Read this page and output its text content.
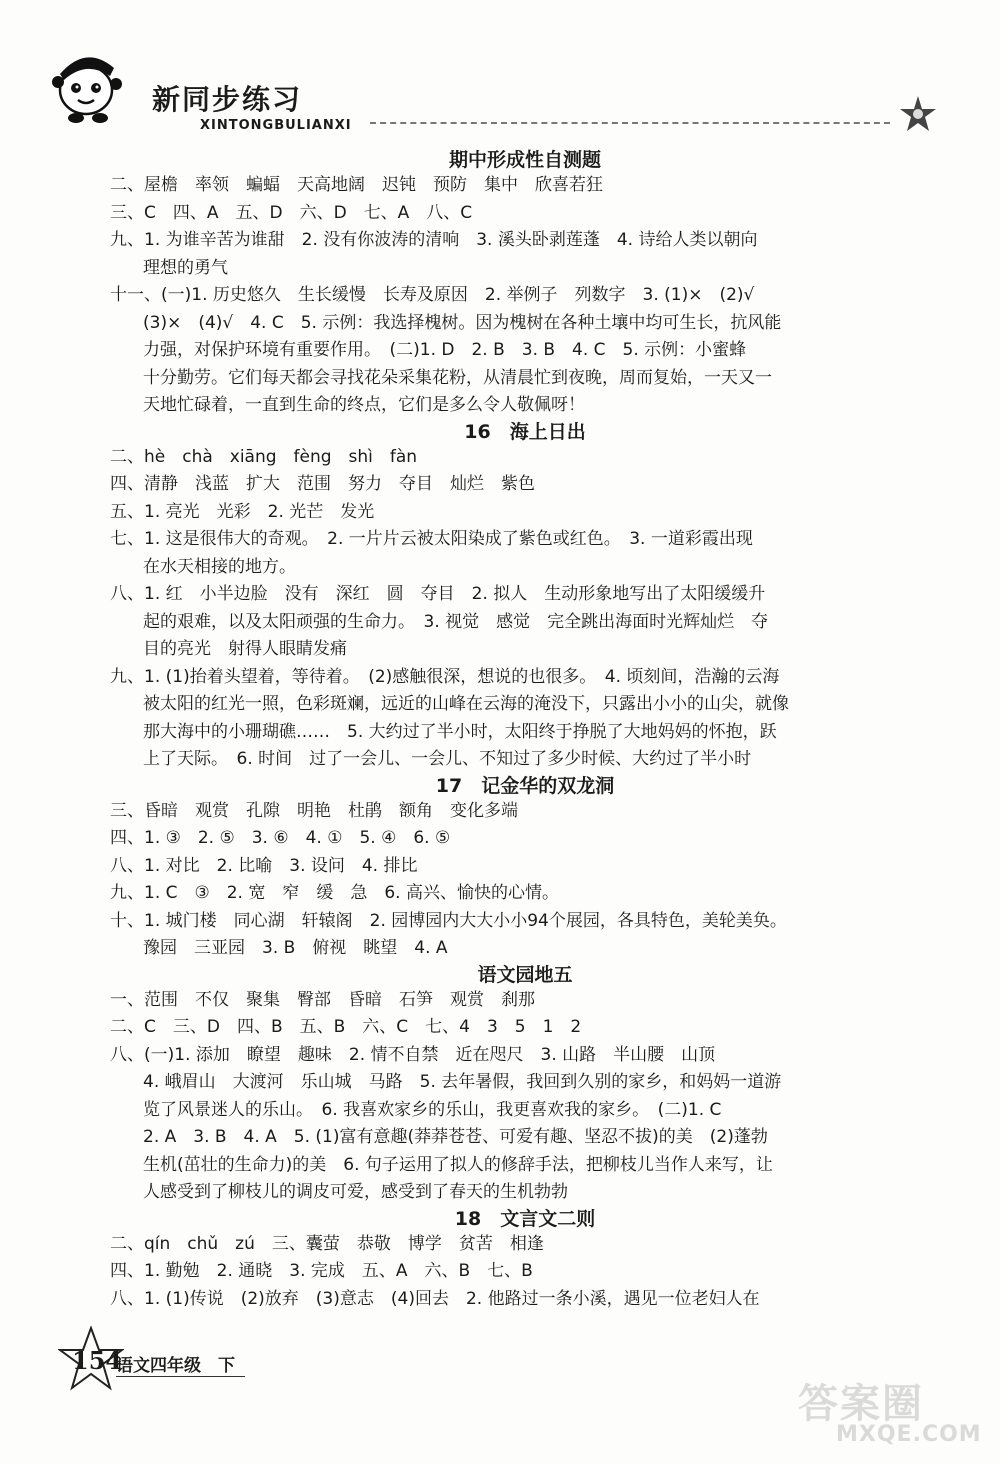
新同步练习
XINTONGBULIANXI
期中形成性自测题
二、屋檐　率领　蝙蝠　天高地阔　迟钝　预防　集中　欣喜若狂
三、C　四、A　五、D　六、D　七、A　八、C
九、1. 为谁辛苦为谁甜　2. 没有你波涛的清响　3. 溪头卧剥莲蓬　4. 诗给人类以朝向
理想的勇气
十一、(一)1. 历史悠久　生长缓慢　长寿及原因　2. 举例子　列数字　3. (1)×　(2)√
(3)×　(4)√　4. C　5. 示例：我选择槐树。因为槐树在各种土壤中均可生长，抗风能
力强，对保护环境有重要作用。　(二)1. D　2. B　3. B　4. C　5. 示例：小蜜蜂
十分勤劳。它们每天都会寻找花朵采集花粉，从清晨忙到夜晚，周而复始，一天又一
天地忙碌着，一直到生命的终点，它们是多么令人敬佩呀！
16　海上日出
二、hè　chà　xiāng　fèng　shì　fàn
四、清静　浅蓝　扩大　范围　努力　夺目　灿烂　紫色
五、1. 亮光　光彩　2. 光芒　发光
七、1. 这是很伟大的奇观。　2. 一片片云被太阳染成了紫色或红色。　3. 一道彩霞出现
在水天相接的地方。
八、1. 红　小半边脸　没有　深红　圆　夺目　2. 拟人　生动形象地写出了太阳缓缓升
起的艰难，以及太阳顽强的生命力。　3. 视觉　感觉　完全跳出海面时光辉灿烂　夺
目的亮光　射得人眼睛发痛
九、1. (1)抬着头望着，等待着。　(2)感触很深，想说的也很多。　4. 顷刻间，浩瀚的云海
被太阳的红光一照，色彩斑斓，远近的山峰在云海的淹没下，只露出小小的山尖，就像
那大海中的小珊瑚礁……　5. 大约过了半小时，太阳终于挣脱了大地妈妈的怀抱，跃
上了天际。　6. 时间　过了一会儿、一会儿、不知过了多少时候、大约过了半小时
17　记金华的双龙洞
三、昏暗　观赏　孔隙　明艳　杜鹃　额角　变化多端
四、1. ③　2. ⑤　3. ⑥　4. ①　5. ④　6. ⑤
八、1. 对比　2. 比喻　3. 设问　4. 排比
九、1. C　③　2. 宽　窄　缓　急　6. 高兴、愉快的心情。
十、1. 城门楼　同心湖　轩辕阁　2. 园博园内大大小小94个展园，各具特色，美轮美奂。
豫园　三亚园　3. B　俯视　眺望　4. A
语文园地五
一、范围　不仅　聚集　臀部　昏暗　石笋　观赏　刹那
二、C　三、D　四、B　五、B　六、C　七、4　3　5　1　2
八、(一)1. 添加　瞭望　趣味　2. 情不自禁　近在咫尺　3. 山路　半山腰　山顶
4. 峨眉山　大渡河　乐山城　马路　5. 去年暑假，我回到久别的家乡，和妈妈一道游
览了风景迷人的乐山。　6. 我喜欢家乡的乐山，我更喜欢我的家乡。　(二)1. C
2. A　3. B　4. A　5. (1)富有意趣(莽莽苍苍、可爱有趣、坚忍不拔)的美　(2)蓬勃
生机(茁壮的生命力)的美　6. 句子运用了拟人的修辞手法，把柳枝儿当作人来写，让
人感受到了柳枝儿的调皮可爱，感受到了春天的生机勃勃
18　文言文二则
二、qín　chǔ　zú　三、囊萤　恭敬　博学　贫苦　相逢
四、1. 勤勉　2. 通晓　3. 完成　五、A　六、B　七、B
八、1. (1)传说　(2)放弃　(3)意志　(4)回去　2. 他路过一条小溪，遇见一位老妇人在
154
语文四年级　下
答案圈
MXQE.COM
